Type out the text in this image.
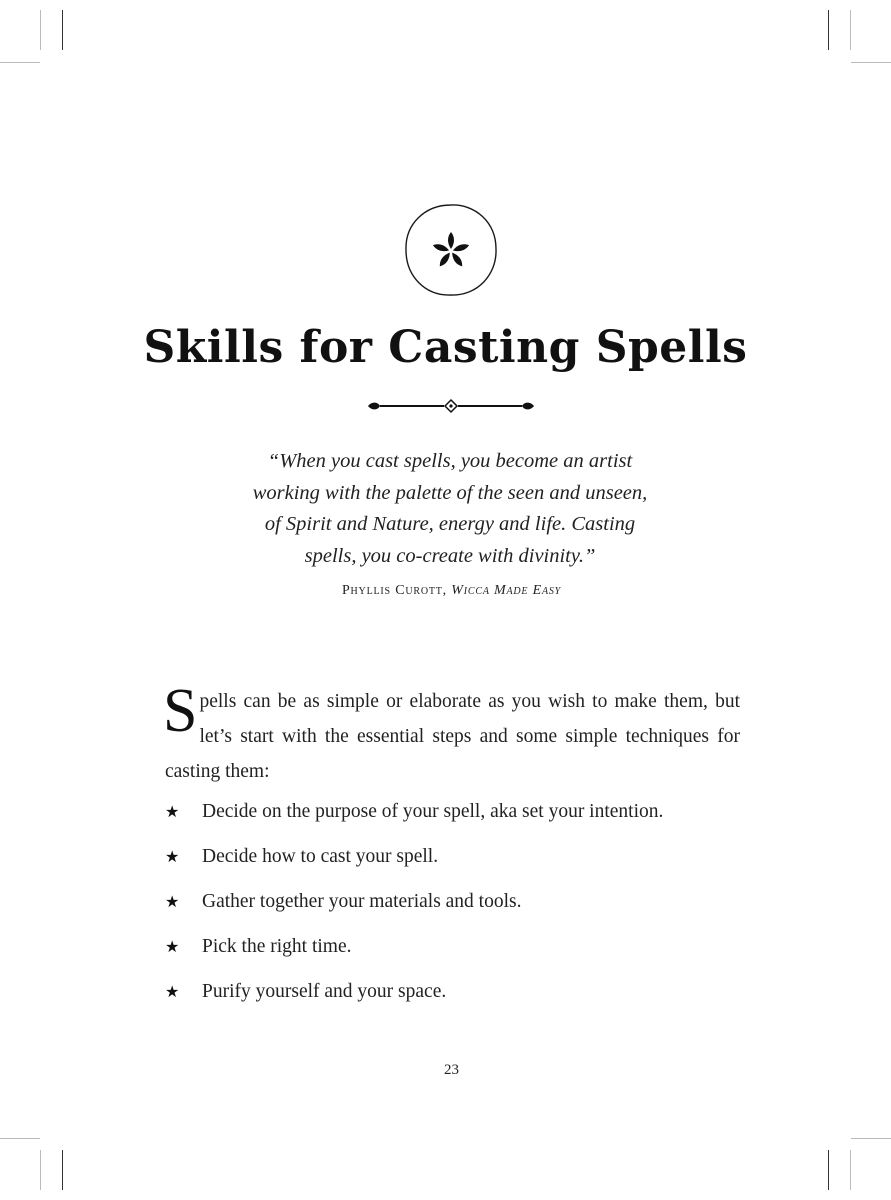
Skills for Casting Spells
“When you cast spells, you become an artist
working with the palette of the seen and unseen,
of Spirit and Nature, energy and life. Casting
spells, you co-create with divinity.”
Phyllis Curott, Wicca Made Easy
Spells can be as simple or elaborate as you wish to make them, but let’s start with the essential steps and some simple techniques for casting them:
★	Decide on the purpose of your spell, aka set your intention.
★	Decide how to cast your spell.
★	Gather together your materials and tools.
★	Pick the right time.
★	Purify yourself and your space.
23
